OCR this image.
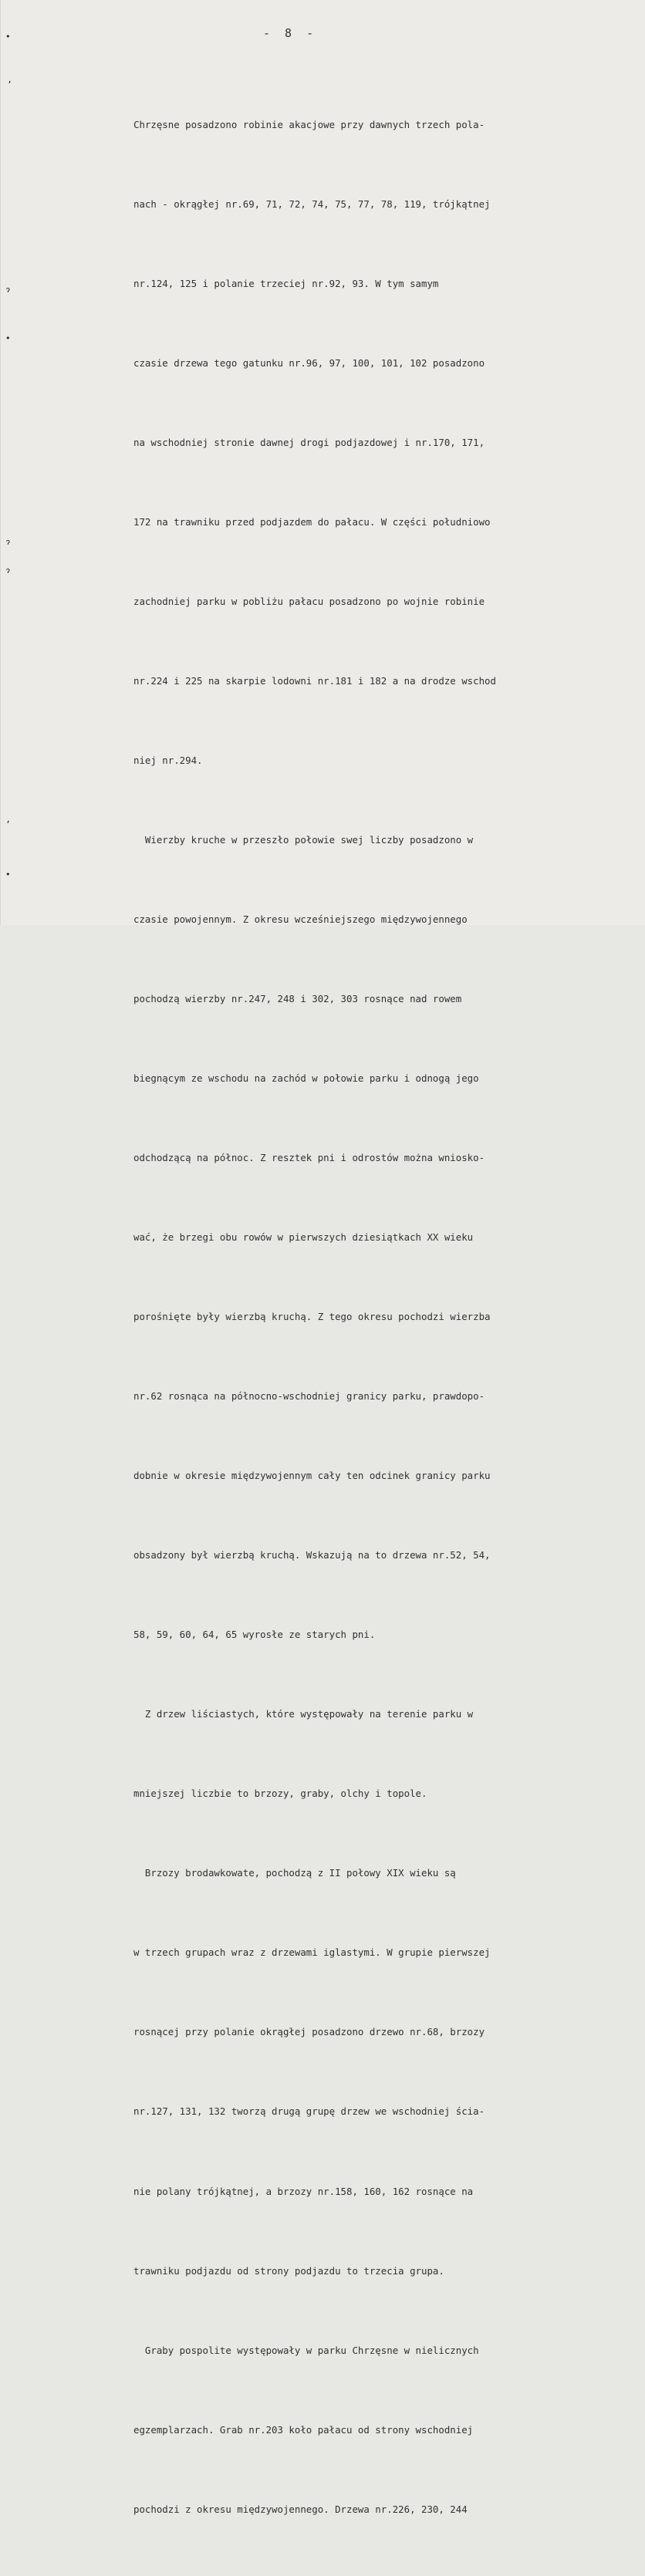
- 8 -
•
ʼ
ɂ
•
ɂ
ɂ
ʼ
•

Chrzęsne posadzono robinie akacjowe przy dawnych trzech pola-

nach - okrągłej nr.69, 71, 72, 74, 75, 77, 78, 119, trójkątnej

nr.124, 125 i polanie trzeciej nr.92, 93. W tym samym

czasie drzewa tego gatunku nr.96, 97, 100, 101, 102 posadzono

na wschodniej stronie dawnej drogi podjazdowej i nr.170, 171,

172 na trawniku przed podjazdem do pałacu. W części południowo

zachodniej parku w pobliżu pałacu posadzono po wojnie robinie

nr.224 i 225 na skarpie lodowni nr.181 i 182 a na drodze wschod

niej nr.294.

Wierzby kruche w przeszło połowie swej liczby posadzono w

czasie powojennym. Z okresu wcześniejszego międzywojennego

pochodzą wierzby nr.247, 248 i 302, 303 rosnące nad rowem

biegnącym ze wschodu na zachód w połowie parku i odnogą jego

odchodzącą na północ. Z resztek pni i odrostów można wniosko-

wać, że brzegi obu rowów w pierwszych dziesiątkach XX wieku

porośnięte były wierzbą kruchą. Z tego okresu pochodzi wierzba

nr.62 rosnąca na północno-wschodniej granicy parku, prawdopo-

dobnie w okresie międzywojennym cały ten odcinek granicy parku

obsadzony był wierzbą kruchą. Wskazują na to drzewa nr.52, 54,

58, 59, 60, 64, 65 wyrosłe ze starych pni.

Z drzew liściastych, które występowały na terenie parku w

mniejszej liczbie to brzozy, graby, olchy i topole.

Brzozy brodawkowate, pochodzą z II połowy XIX wieku są

w trzech grupach wraz z drzewami iglastymi. W grupie pierwszej

rosnącej przy polanie okrągłej posadzono drzewo nr.68, brzozy

nr.127, 131, 132 tworzą drugą grupę drzew we wschodniej ścia-

nie polany trójkątnej, a brzozy nr.158, 160, 162 rosnące na

trawniku podjazdu od strony podjazdu to trzecia grupa.

Graby pospolite występowały w parku Chrzęsne w nielicznych

egzemplarzach. Grab nr.203 koło pałacu od strony wschodniej

pochodzi z okresu międzywojennego. Drzewa nr.226, 230, 244
